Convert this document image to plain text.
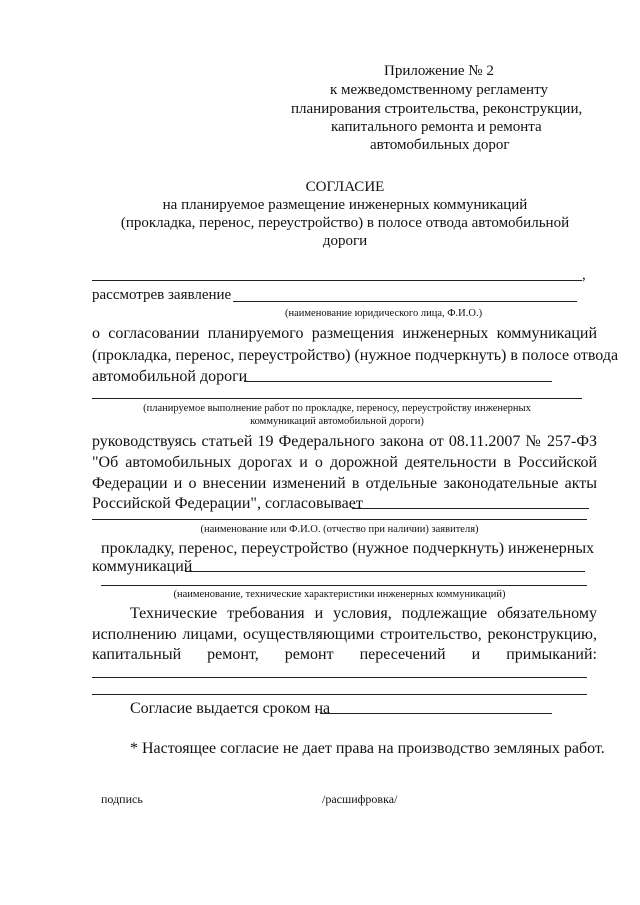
Приложение № 2
к межведомственному регламенту
планирования строительства, реконструкции,
капитального ремонта и ремонта
автомобильных дорог
СОГЛАСИЕ
на планируемое размещение инженерных коммуникаций
(прокладка, перенос, переустройство) в полосе отвода автомобильной
дороги
,
рассмотрев заявление
(наименование юридического лица, Ф.И.О.)
о согласовании планируемого размещения инженерных коммуникаций
(прокладка, перенос, переустройство) (нужное подчеркнуть) в полосе отвода
автомобильной дороги
(планируемое выполнение работ по прокладке, переносу, переустройству инженерных
коммуникаций автомобильной дороги)
руководствуясь статьей 19 Федерального закона от 08.11.2007 № 257-ФЗ
"Об автомобильных дорогах и о дорожной деятельности в Российской
Федерации и о внесении изменений в отдельные законодательные акты
Российской Федерации", согласовывает
(наименование или Ф.И.О. (отчество при наличии) заявителя)
прокладку, перенос, переустройство (нужное подчеркнуть) инженерных
коммуникаций
(наименование, технические характеристики инженерных коммуникаций)
Технические требования и условия, подлежащие обязательному
исполнению лицами, осуществляющими строительство, реконструкцию,
капитальный ремонт, ремонт пересечений и примыканий:
Согласие выдается сроком на
* Настоящее согласие не дает права на производство земляных работ.
подпись	/расшифровка/
